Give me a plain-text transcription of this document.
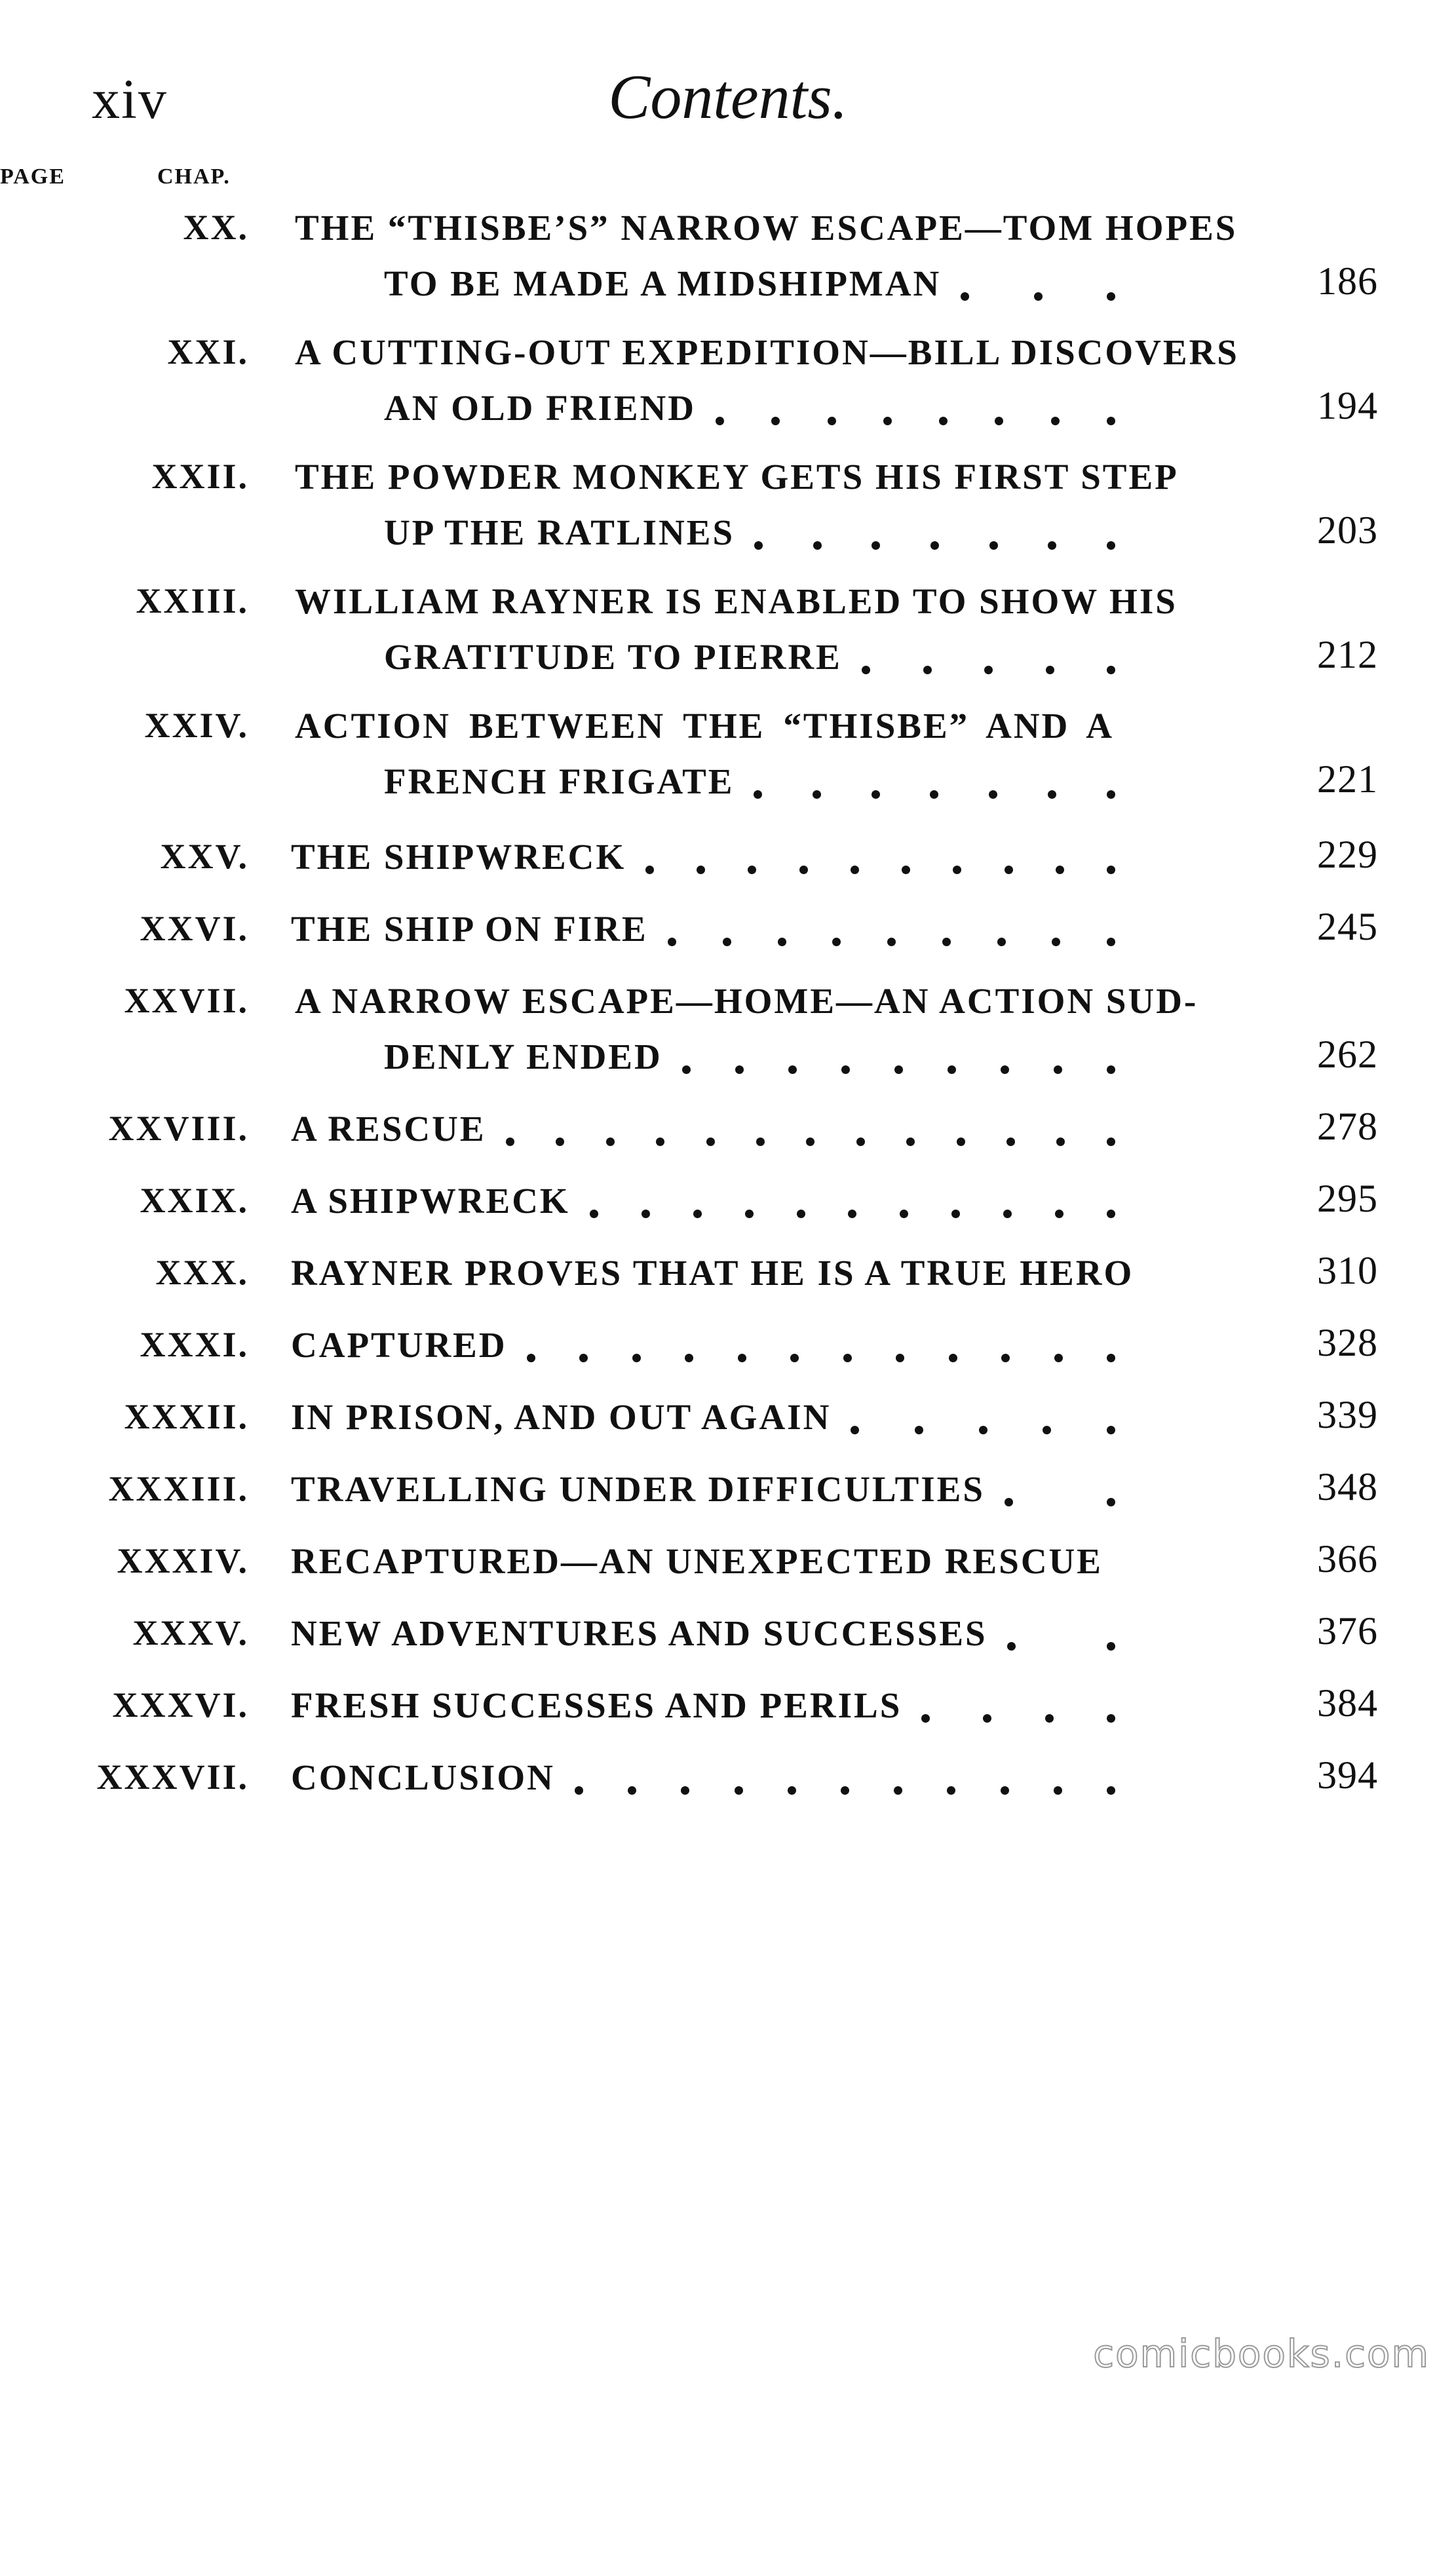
xiv	Contents.
CHAP.
PAGE
XX. THE “THISBE’S” NARROW ESCAPE—TOM HOPES
TO BE MADE A MIDSHIPMAN	186
XXI. A CUTTING-OUT EXPEDITION—BILL DISCOVERS
AN OLD FRIEND	194
XXII. THE POWDER MONKEY GETS HIS FIRST STEP
UP THE RATLINES	203
XXIII. WILLIAM RAYNER IS ENABLED TO SHOW HIS
GRATITUDE TO PIERRE	212
XXIV. ACTION BETWEEN THE “THISBE” AND A
FRENCH FRIGATE	221
XXV. THE SHIPWRECK	229
XXVI. THE SHIP ON FIRE	245
XXVII. A NARROW ESCAPE—HOME—AN ACTION SUD-
DENLY ENDED	262
XXVIII. A RESCUE	278
XXIX. A SHIPWRECK	295
XXX. RAYNER PROVES THAT HE IS A TRUE HERO	310
XXXI. CAPTURED	328
XXXII. IN PRISON, AND OUT AGAIN	339
XXXIII. TRAVELLING UNDER DIFFICULTIES	348
XXXIV. RECAPTURED—AN UNEXPECTED RESCUE	366
XXXV. NEW ADVENTURES AND SUCCESSES	376
XXXVI. FRESH SUCCESSES AND PERILS	384
XXXVII. CONCLUSION	394
comicbooks.com
